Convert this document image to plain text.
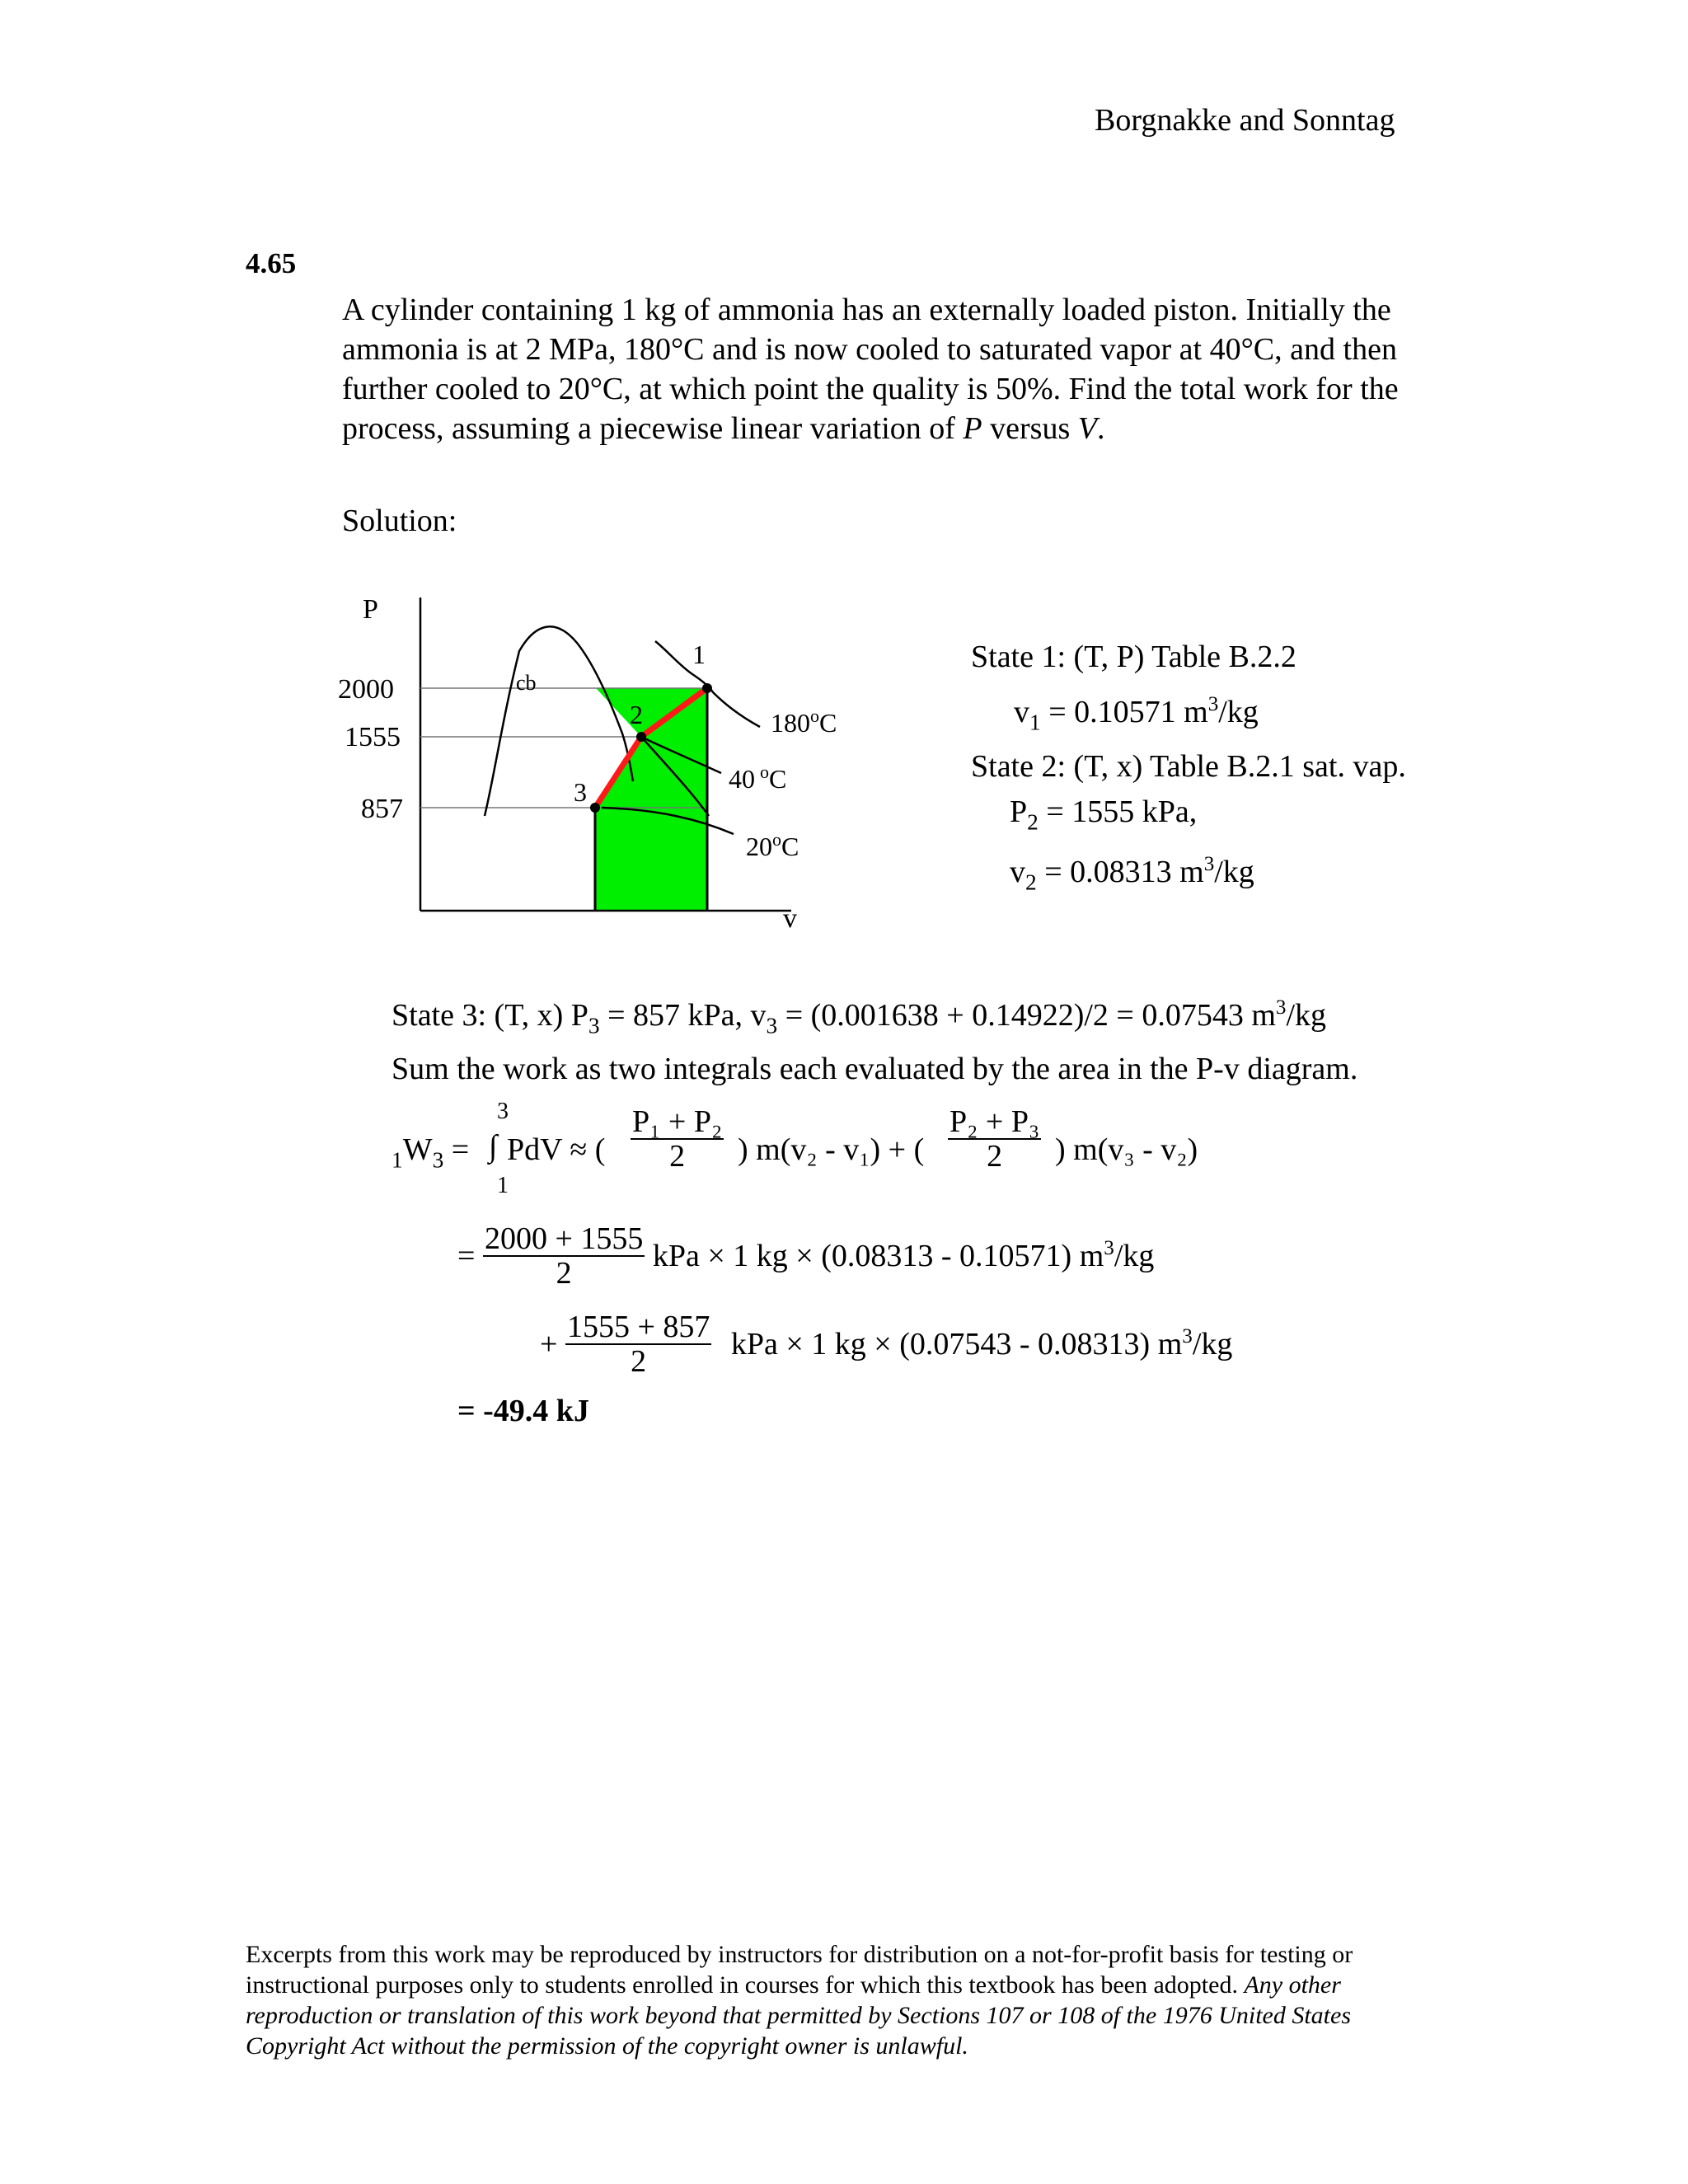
Borgnakke and Sonntag
4.65
A cylinder containing 1 kg of ammonia has an externally loaded piston. Initially the ammonia is at 2 MPa, 180°C and is now cooled to saturated vapor at 40°C, and then further cooled to 20°C, at which point the quality is 50%. Find the total work for the process, assuming a piecewise linear variation of P versus V.
Solution:
P
v
2000
1555
857
cb
1
2
3
180$^o$C
40 $^o$C
20$^o$C
State 1: (T, P) Table B.2.2
$v_1 = 0.10571$ $m^3/kg$
State 2: (T, x) Table B.2.1 sat. vap.
$P_2 = 1555$ kPa,
$v_2 = 0.08313$ $m^3/kg$
State 3: (T, x) $P_3 = 857$ kPa, $v_3 = (0.001638 + 0.14922)/2 = 0.07543$ $m^3/kg$
Sum the work as two integrals each evaluated by the area in the P-v diagram.
$_1W_3$ =
3
∫
1
PdV ≈ ( $\frac{\text{P₁ + P₂}}{2}$ ) m(v₂ - v₁) + ( $\frac{\text{P₂ + P₃}}{2}$ ) m(v₃ - v₂)
= $\frac{2000 + 1555}{2}$ kPa × 1 kg × (0.08313 - 0.10571) $m^3/kg$
+ $\frac{1555 + 857}{2}$ kPa × 1 kg × (0.07543 - 0.08313) $m^3/kg$
= -49.4 kJ
Excerpts from this work may be reproduced by instructors for distribution on a not-for-profit basis for testing or instructional purposes only to students enrolled in courses for which this textbook has been adopted. Any other reproduction or translation of this work beyond that permitted by Sections 107 or 108 of the 1976 United States Copyright Act without the permission of the copyright owner is unlawful.
